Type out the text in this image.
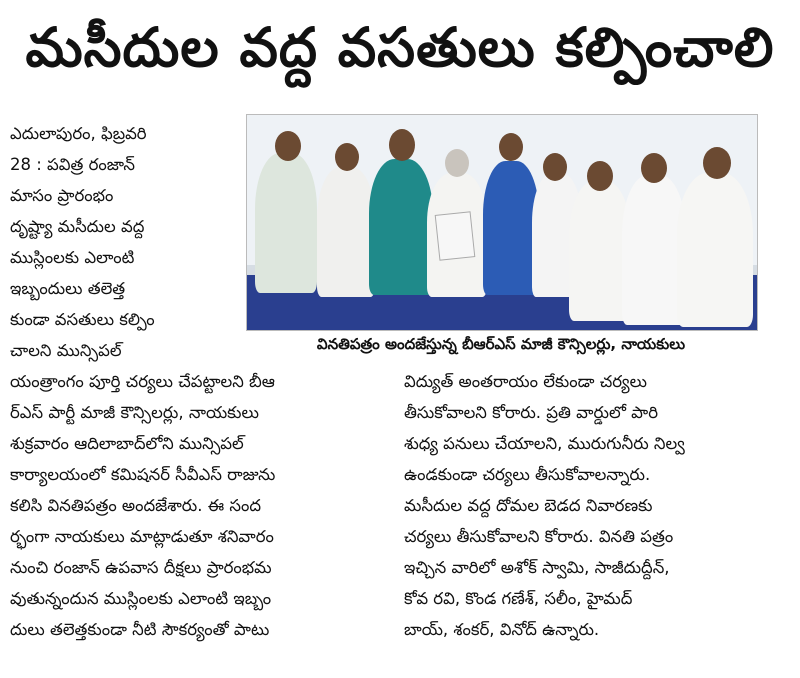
మసీదుల వద్ద వసతులు కల్పించాలి
ఎదులాపురం, ఫిబ్రవరి
28 : పవిత్ర రంజాన్
మాసం ప్రారంభం
దృష్ట్యా మసీదుల వద్ద
ముస్లింలకు ఎలాంటి
ఇబ్బందులు తలెత్త
కుండా వసతులు కల్పిం
చాలని మున్సిపల్	వినతిపత్రం అందజేస్తున్న బీఆర్ఎస్ మాజీ కౌన్సిలర్లు, నాయకులు
యంత్రాంగం పూర్తి చర్యలు చేపట్టాలని బీఆ
ర్ఎస్ పార్టీ మాజీ కౌన్సిలర్లు, నాయకులు
శుక్రవారం ఆదిలాబాద్‌లోని మున్సిపల్
కార్యాలయంలో కమిషనర్ సీవీఎస్ రాజును
కలిసి వినతిపత్రం అందజేశారు. ఈ సంద
ర్భంగా నాయకులు మాట్లాడుతూ శనివారం
నుంచి రంజాన్ ఉపవాస దీక్షలు ప్రారంభమ
వుతున్నందున ముస్లింలకు ఎలాంటి ఇబ్బం
దులు తలెత్తకుండా నీటి సౌకర్యంతో పాటు
విద్యుత్ అంతరాయం లేకుండా చర్యలు
తీసుకోవాలని కోరారు. ప్రతి వార్డులో పారి
శుధ్య పనులు చేయాలని, మురుగునీరు నిల్వ
ఉండకుండా చర్యలు తీసుకోవాలన్నారు.
మసీదుల వద్ద దోమల బెడద నివారణకు
చర్యలు తీసుకోవాలని కోరారు. వినతి పత్రం
ఇచ్చిన వారిలో అశోక్ స్వామి, సాజీదుద్దీన్,
కోవ రవి, కొండ గణేశ్, సలీం, హైమద్
బాయ్, శంకర్, వినోద్ ఉన్నారు.
